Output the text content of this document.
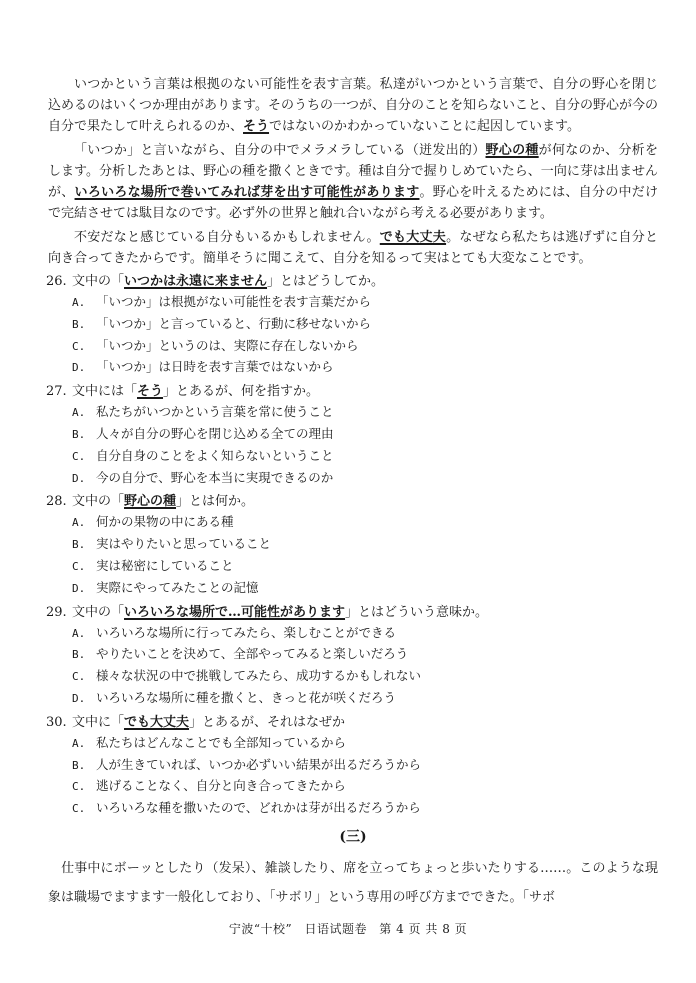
いつかという言葉は根拠のない可能性を表す言葉。私達がいつかという言葉で、自分の野心を閉じ込めるのはいくつか理由があります。そのうちの一つが、自分のことを知らないこと、自分の野心が今の自分で果たして叶えられるのか、そうではないのかわかっていないことに起因しています。

「いつか」と言いながら、自分の中でメラメラしている（迸发出的）野心の種が何なのか、分析をします。分析したあとは、野心の種を撒くときです。種は自分で握りしめていたら、一向に芽は出ませんが、いろいろな場所で巻いてみれば芽を出す可能性があります。野心を叶えるためには、自分の中だけで完結させては駄目なのです。必ず外の世界と触れ合いながら考える必要があります。

不安だなと感じている自分もいるかもしれません。でも大丈夫。なぜなら私たちは逃げずに自分と向き合ってきたからです。簡単そうに聞こえて、自分を知るって実はとても大変なことです。

26. 文中の「いつかは永遠に来ません」とはどうしてか。

A. 「いつか」は根拠がない可能性を表す言葉だから

B. 「いつか」と言っていると、行動に移せないから

C. 「いつか」というのは、実際に存在しないから

D. 「いつか」は日時を表す言葉ではないから

27. 文中には「そう」とあるが、何を指すか。

A. 私たちがいつかという言葉を常に使うこと

B. 人々が自分の野心を閉じ込める全ての理由

C. 自分自身のことをよく知らないということ

D. 今の自分で、野心を本当に実現できるのか

28. 文中の「野心の種」とは何か。

A. 何かの果物の中にある種

B. 実はやりたいと思っていること

C. 実は秘密にしていること

D. 実際にやってみたことの記憶

29. 文中の「いろいろな場所で…可能性があります」とはどういう意味か。

A. いろいろな場所に行ってみたら、楽しむことができる

B. やりたいことを決めて、全部やってみると楽しいだろう

C. 様々な状況の中で挑戦してみたら、成功するかもしれない

D. いろいろな場所に種を撒くと、きっと花が咲くだろう

30. 文中に「でも大丈夫」とあるが、それはなぜか

A. 私たちはどんなことでも全部知っているから

B. 人が生きていれば、いつか必ずいい結果が出るだろうから

C. 逃げることなく、自分と向き合ってきたから

C. いろいろな種を撒いたので、どれかは芽が出るだろうから

(三)

　仕事中にボーッとしたり（发呆）、雑談したり、席を立ってちょっと歩いたりする……。このような現象は職場でますます一般化しており、「サボリ」という専用の呼び方までできた。「サボ

宁波“十校” 日语试题卷 第 4 页 共 8 页
